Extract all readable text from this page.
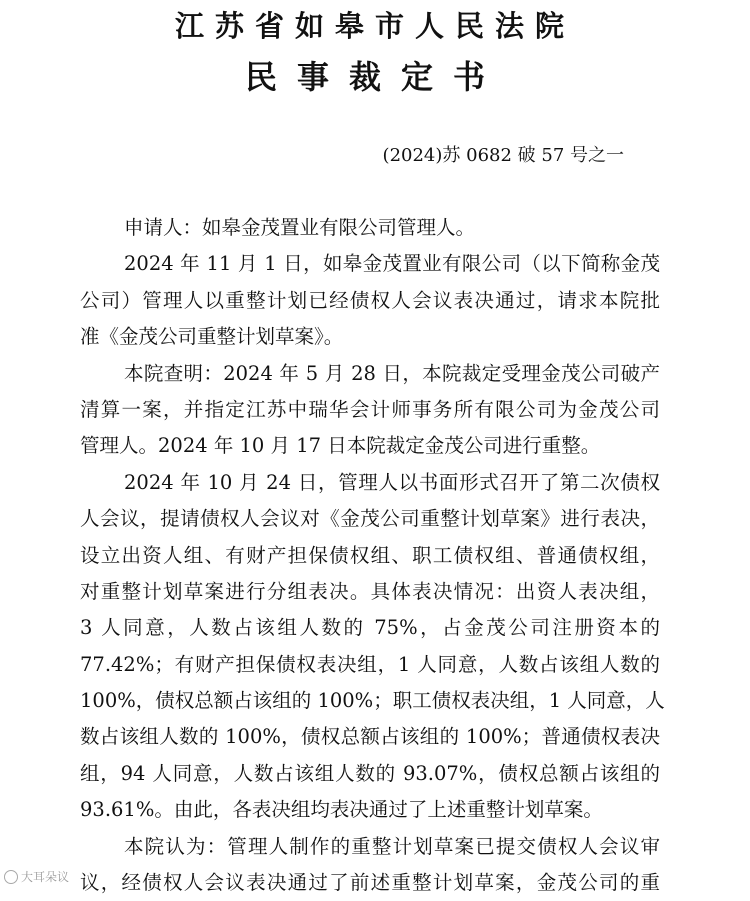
江苏省如皋市人民法院
民事裁定书
(2024)苏 0682 破 57 号之一
申请人：如皋金茂置业有限公司管理人。
2024 年 11 月 1 日，如皋金茂置业有限公司（以下简称金茂
公司）管理人以重整计划已经债权人会议表决通过，请求本院批
准《金茂公司重整计划草案》。
本院查明：2024 年 5 月 28 日，本院裁定受理金茂公司破产
清算一案，并指定江苏中瑞华会计师事务所有限公司为金茂公司
管理人。2024 年 10 月 17 日本院裁定金茂公司进行重整。
2024 年 10 月 24 日，管理人以书面形式召开了第二次债权
人会议，提请债权人会议对《金茂公司重整计划草案》进行表决，
设立出资人组、有财产担保债权组、职工债权组、普通债权组，
对重整计划草案进行分组表决。具体表决情况：出资人表决组，
3 人同意，人数占该组人数的 75%，占金茂公司注册资本的
77.42%；有财产担保债权表决组，1 人同意，人数占该组人数的
100%，债权总额占该组的 100%；职工债权表决组，1 人同意，人
数占该组人数的 100%，债权总额占该组的 100%；普通债权表决
组，94 人同意，人数占该组人数的 93.07%，债权总额占该组的
93.61%。由此，各表决组均表决通过了上述重整计划草案。
本院认为：管理人制作的重整计划草案已提交债权人会议审
议，经债权人会议表决通过了前述重整计划草案，金茂公司的重
大耳朵议
